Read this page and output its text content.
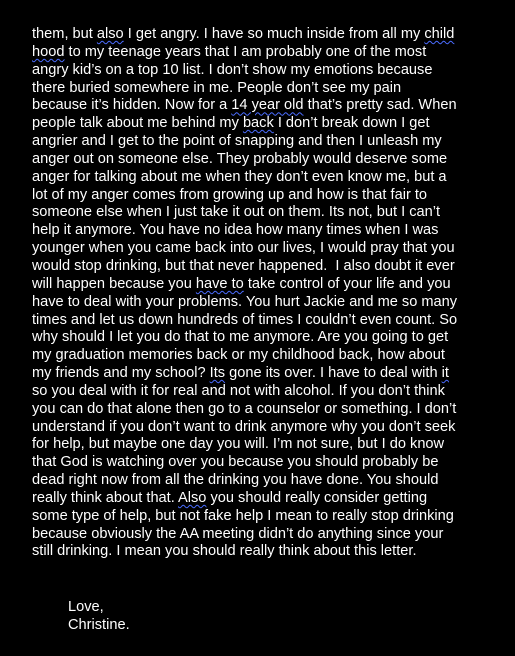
them, but also I get angry. I have so much inside from all my child
hood to my teenage years that I am probably one of the most
angry kid’s on a top 10 list. I don’t show my emotions because
there buried somewhere in me. People don’t see my pain
because it’s hidden. Now for a 14 year old that’s pretty sad. When
people talk about me behind my back I don’t break down I get
angrier and I get to the point of snapping and then I unleash my
anger out on someone else. They probably would deserve some
anger for talking about me when they don’t even know me, but a
lot of my anger comes from growing up and how is that fair to
someone else when I just take it out on them. Its not, but I can’t
help it anymore. You have no idea how many times when I was
younger when you came back into our lives, I would pray that you
would stop drinking, but that never happened.  I also doubt it ever
will happen because you have to take control of your life and you
have to deal with your problems. You hurt Jackie and me so many
times and let us down hundreds of times I couldn’t even count. So
why should I let you do that to me anymore. Are you going to get
my graduation memories back or my childhood back, how about
my friends and my school? Its gone its over. I have to deal with it
so you deal with it for real and not with alcohol. If you don’t think
you can do that alone then go to a counselor or something. I don’t
understand if you don’t want to drink anymore why you don’t seek
for help, but maybe one day you will. I’m not sure, but I do know
that God is watching over you because you should probably be
dead right now from all the drinking you have done. You should
really think about that. Also you should really consider getting
some type of help, but not fake help I mean to really stop drinking
because obviously the AA meeting didn’t do anything since your
still drinking. I mean you should really think about this letter.
Love,
Christine.
